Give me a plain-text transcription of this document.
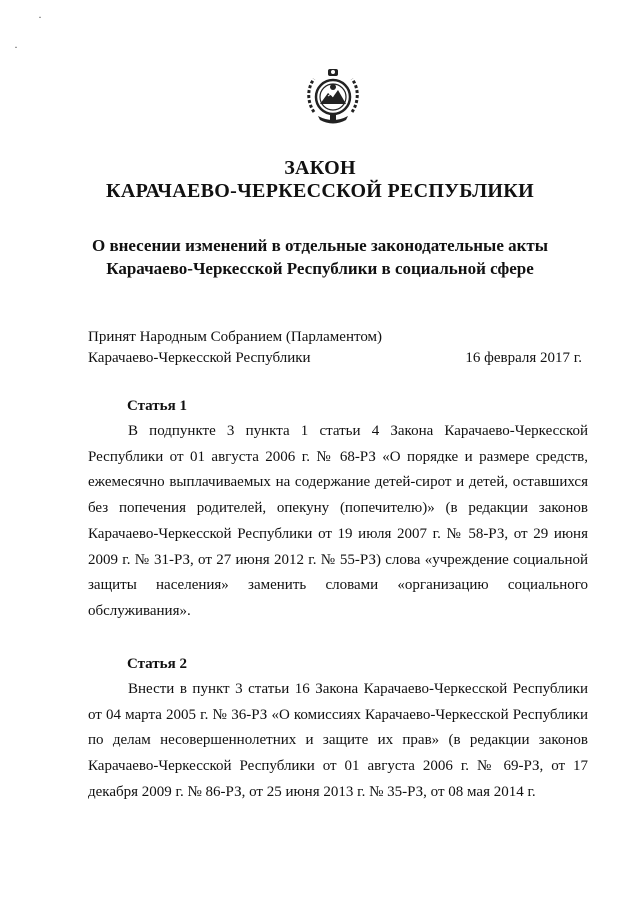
·
·
ЗАКОН
КАРАЧАЕВО-ЧЕРКЕССКОЙ РЕСПУБЛИКИ
О внесении изменений в отдельные законодательные акты
Карачаево-Черкесской Республики в социальной сфере
Принят Народным Собранием (Парламентом)
Карачаево-Черкесской Республики	16 февраля 2017 г.
Статья 1
В подпункте 3 пункта 1 статьи 4 Закона Карачаево-Черкесской Республики от 01 августа 2006 г. № 68-РЗ «О порядке и размере средств, ежемесячно выплачиваемых на содержание детей-сирот и детей, оставшихся без попечения родителей, опекуну (попечителю)» (в редакции законов Карачаево-Черкесской Республики от 19 июля 2007 г. № 58-РЗ, от 29 июня 2009 г. № 31-РЗ, от 27 июня 2012 г. № 55-РЗ) слова «учреждение социальной защиты населения» заменить словами «организацию социального обслуживания».
Статья 2
Внести в пункт 3 статьи 16 Закона Карачаево-Черкесской Республики от 04 марта 2005 г. № 36-РЗ «О комиссиях Карачаево-Черкесской Республики по делам несовершеннолетних и защите их прав» (в редакции законов Карачаево-Черкесской Республики от 01 августа 2006 г. № 69-РЗ, от 17 декабря 2009 г. № 86-РЗ, от 25 июня 2013 г. № 35-РЗ, от 08 мая 2014 г.
